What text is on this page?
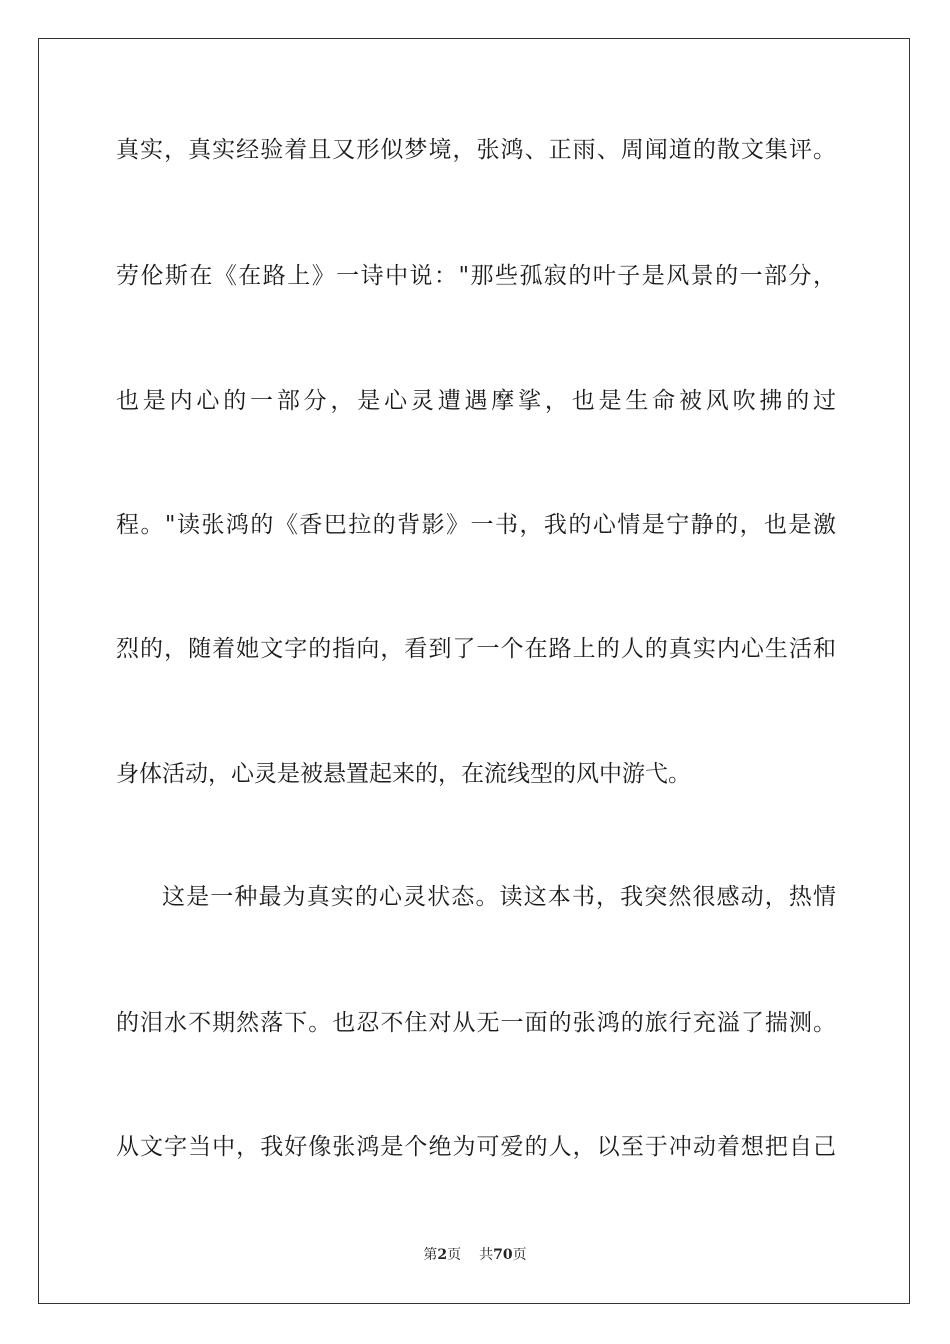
真实，真实经验着且又形似梦境，张鸿、正雨、周闻道的散文集评。
劳伦斯在《在路上》一诗中说："那些孤寂的叶子是风景的一部分，
也是内心的一部分，是心灵遭遇摩挲，也是生命被风吹拂的过
程。"读张鸿的《香巴拉的背影》一书，我的心情是宁静的，也是激
烈的，随着她文字的指向，看到了一个在路上的人的真实内心生活和
身体活动，心灵是被悬置起来的，在流线型的风中游弋。
这是一种最为真实的心灵状态。读这本书，我突然很感动，热情
的泪水不期然落下。也忍不住对从无一面的张鸿的旅行充溢了揣测。
从文字当中，我好像张鸿是个绝为可爱的人，以至于冲动着想把自己
第2页 共70页
